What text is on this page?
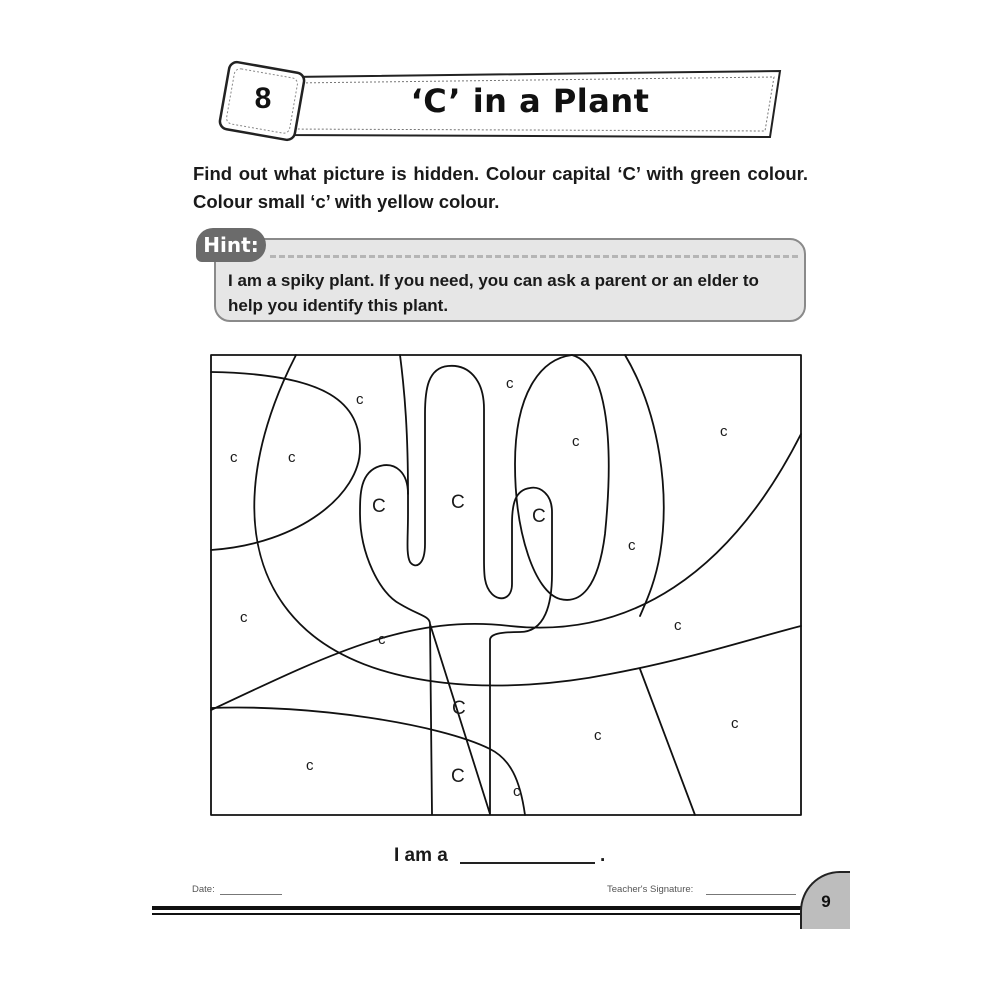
8	‘C’ in a Plant
Find out what picture is hidden. Colour capital ‘C’ with green colour. Colour small ‘c’ with yellow colour.
Hint:
I am a spiky plant. If you need, you can ask a parent or an elder to help you identify this plant.
c	c
c
c
c
c
c
C	C
C
c
c
c
c
C
c
c
C
c
I am a	.
Date:	Teacher's Signature:
9
